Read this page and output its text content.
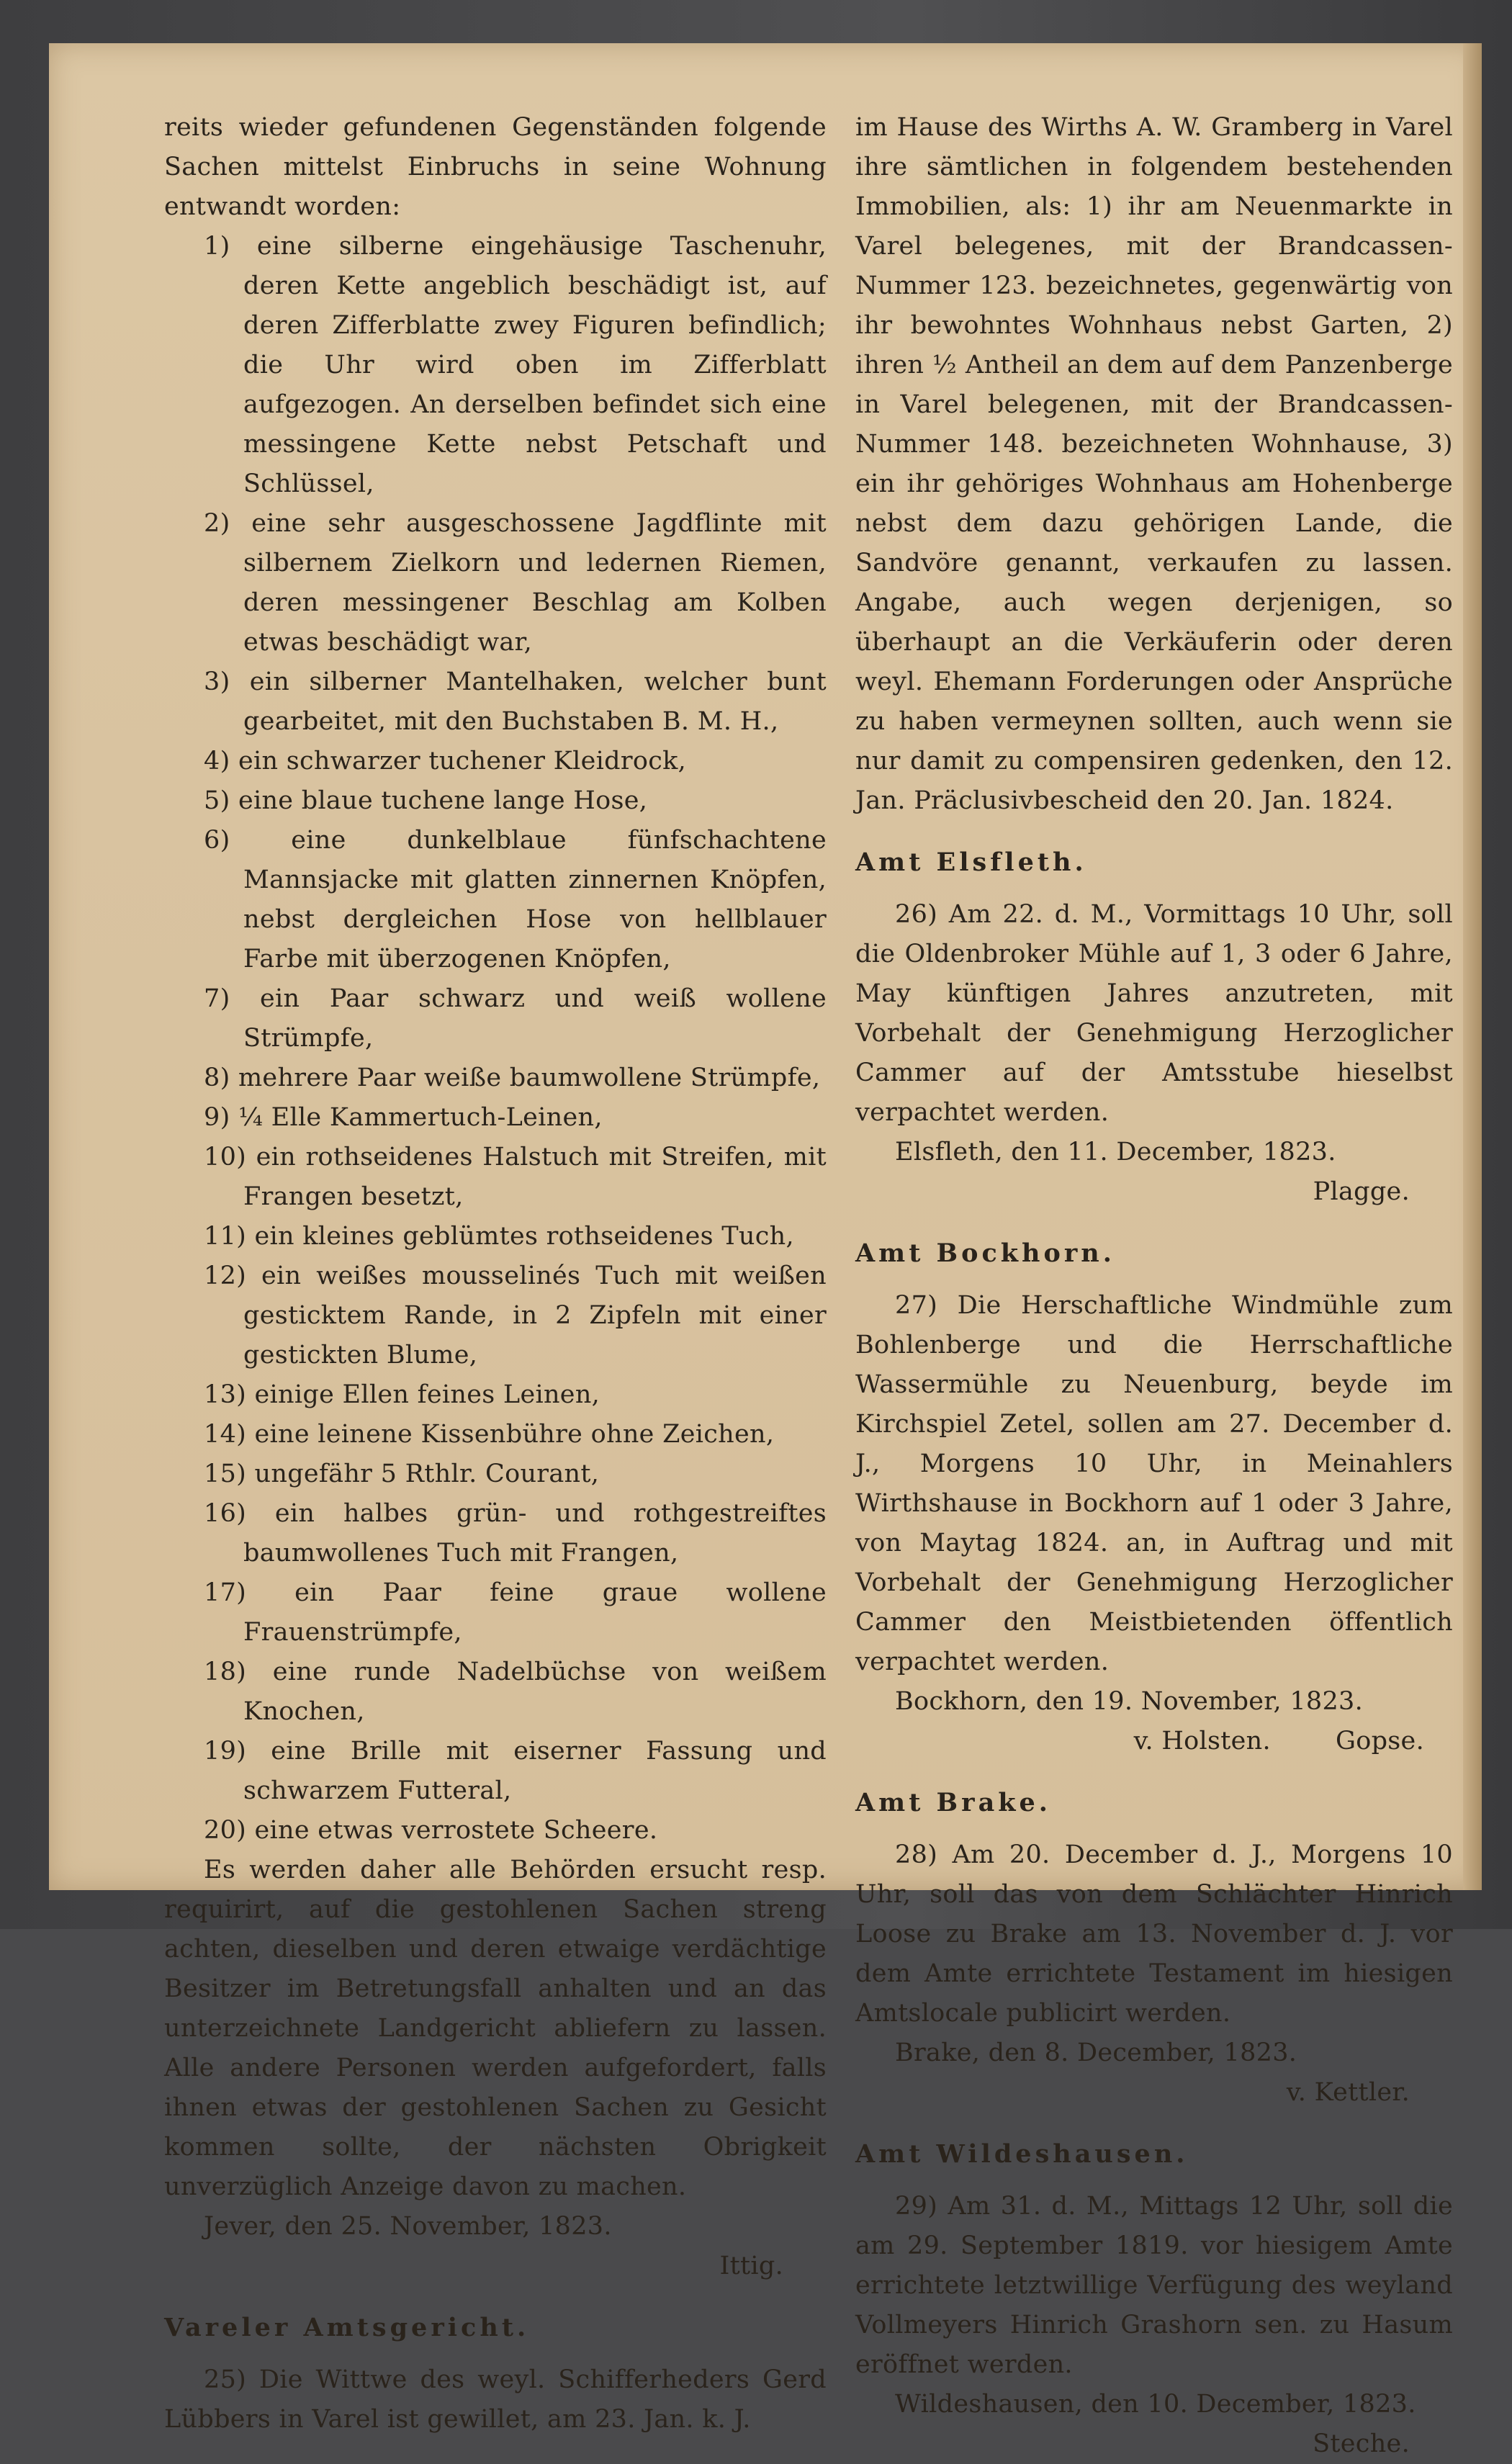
reits wieder gefundenen Gegenständen folgende Sachen mittelst Einbruchs in seine Wohnung entwandt worden:

1) eine silberne eingehäusige Taschenuhr, deren Kette angeblich beschädigt ist, auf deren Zifferblatte zwey Figuren befindlich; die Uhr wird oben im Zifferblatt aufgezogen. An derselben befindet sich eine messingene Kette nebst Petschaft und Schlüssel,

2) eine sehr ausgeschossene Jagdflinte mit silbernem Zielkorn und ledernen Riemen, deren messingener Beschlag am Kolben etwas beschädigt war,

3) ein silberner Mantelhaken, welcher bunt gearbeitet, mit den Buchstaben B. M. H.,

4) ein schwarzer tuchener Kleidrock,

5) eine blaue tuchene lange Hose,

6) eine dunkelblaue fünfschachtene Mannsjacke mit glatten zinnernen Knöpfen, nebst dergleichen Hose von hellblauer Farbe mit überzogenen Knöpfen,

7) ein Paar schwarz und weiß wollene Strümpfe,

8) mehrere Paar weiße baumwollene Strümpfe,

9) ¼ Elle Kammertuch-Leinen,

10) ein rothseidenes Halstuch mit Streifen, mit Frangen besetzt,

11) ein kleines geblümtes rothseidenes Tuch,

12) ein weißes mousselinés Tuch mit weißen gesticktem Rande, in 2 Zipfeln mit einer gestickten Blume,

13) einige Ellen feines Leinen,

14) eine leinene Kissenbühre ohne Zeichen,

15) ungefähr 5 Rthlr. Courant,

16) ein halbes grün- und rothgestreiftes baumwollenes Tuch mit Frangen,

17) ein Paar feine graue wollene Frauenstrümpfe,

18) eine runde Nadelbüchse von weißem Knochen,

19) eine Brille mit eiserner Fassung und schwarzem Futteral,

20) eine etwas verrostete Scheere.

Es werden daher alle Behörden ersucht resp. requirirt, auf die gestohlenen Sachen streng achten, dieselben und deren etwaige verdächtige Besitzer im Betretungsfall anhalten und an das unterzeichnete Landgericht abliefern zu lassen. Alle andere Personen werden aufgefordert, falls ihnen etwas der gestohlenen Sachen zu Gesicht kommen sollte, der nächsten Obrigkeit unverzüglich Anzeige davon zu machen.

Jever, den 25. November, 1823.

Ittig.

Vareler Amtsgericht.

25) Die Wittwe des weyl. Schifferheders Gerd Lübbers in Varel ist gewillet, am 23. Jan. k. J.

im Hause des Wirths A. W. Gramberg in Varel ihre sämtlichen in folgendem bestehenden Immobilien, als: 1) ihr am Neuenmarkte in Varel belegenes, mit der Brandcassen-Nummer 123. bezeichnetes, gegenwärtig von ihr bewohntes Wohnhaus nebst Garten, 2) ihren ½ Antheil an dem auf dem Panzenberge in Varel belegenen, mit der Brandcassen-Nummer 148. bezeichneten Wohnhause, 3) ein ihr gehöriges Wohnhaus am Hohenberge nebst dem dazu gehörigen Lande, die Sandvöre genannt, verkaufen zu lassen. Angabe, auch wegen derjenigen, so überhaupt an die Verkäuferin oder deren weyl. Ehemann Forderungen oder Ansprüche zu haben vermeynen sollten, auch wenn sie nur damit zu compensiren gedenken, den 12. Jan. Präclusivbescheid den 20. Jan. 1824.

Amt Elsfleth.

26) Am 22. d. M., Vormittags 10 Uhr, soll die Oldenbroker Mühle auf 1, 3 oder 6 Jahre, May künftigen Jahres anzutreten, mit Vorbehalt der Genehmigung Herzoglicher Cammer auf der Amtsstube hieselbst verpachtet werden.

Elsfleth, den 11. December, 1823.

Plagge.

Amt Bockhorn.

27) Die Herschaftliche Windmühle zum Bohlenberge und die Herrschaftliche Wassermühle zu Neuenburg, beyde im Kirchspiel Zetel, sollen am 27. December d. J., Morgens 10 Uhr, in Meinahlers Wirthshause in Bockhorn auf 1 oder 3 Jahre, von Maytag 1824. an, in Auftrag und mit Vorbehalt der Genehmigung Herzoglicher Cammer den Meistbietenden öffentlich verpachtet werden.

Bockhorn, den 19. November, 1823.

v. Holsten.	Gopse.

Amt Brake.

28) Am 20. December d. J., Morgens 10 Uhr, soll das von dem Schlächter Hinrich Loose zu Brake am 13. November d. J. vor dem Amte errichtete Testament im hiesigen Amtslocale publicirt werden.

Brake, den 8. December, 1823.

v. Kettler.

Amt Wildeshausen.

29) Am 31. d. M., Mittags 12 Uhr, soll die am 29. September 1819. vor hiesigem Amte errichtete letztwillige Verfügung des weyland Vollmeyers Hinrich Grashorn sen. zu Hasum eröffnet werden.

Wildeshausen, den 10. December, 1823.

Steche.
